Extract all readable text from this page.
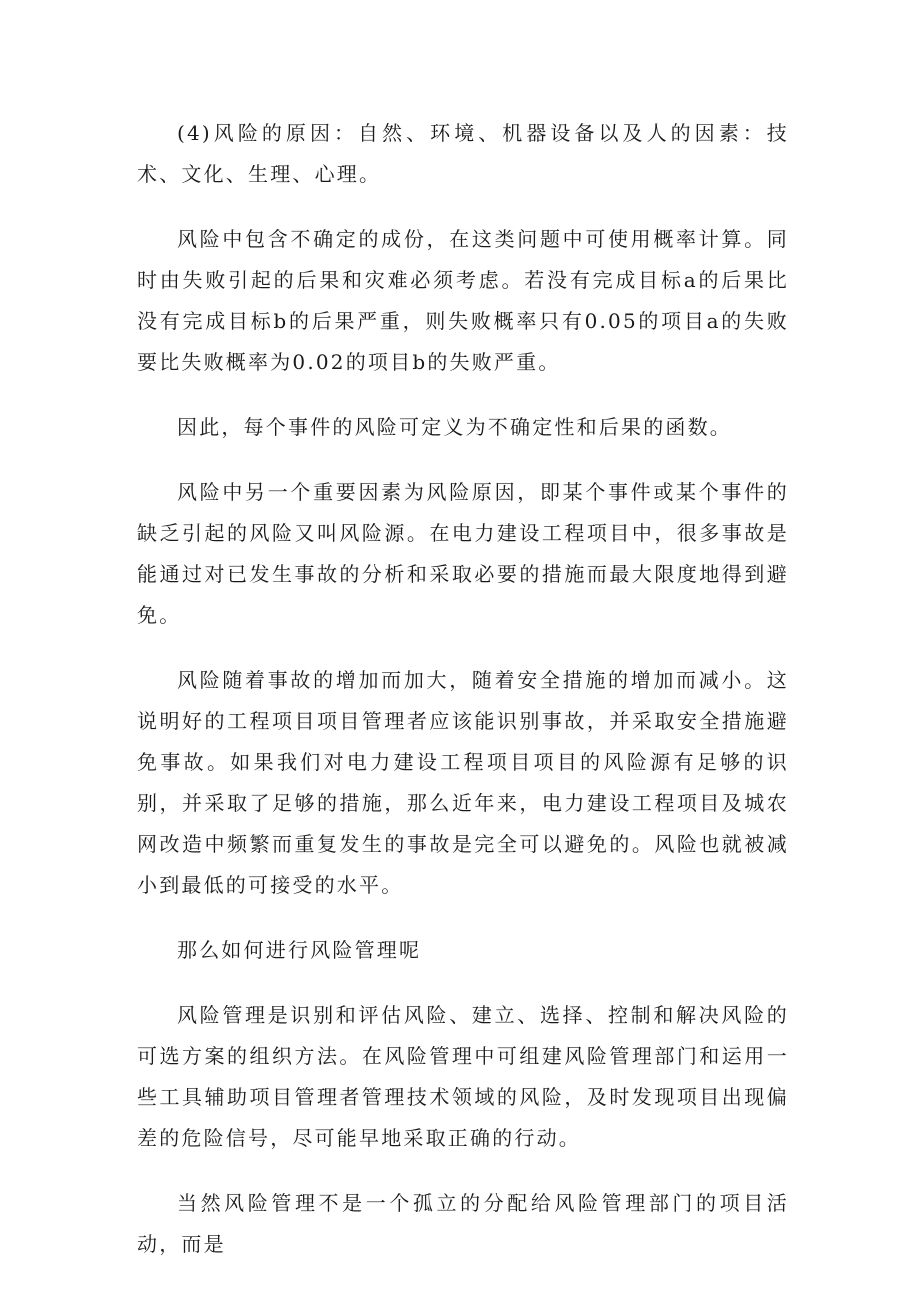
(4)风险的原因：自然、环境、机器设备以及人的因素：技术、文化、生理、心理。

风险中包含不确定的成份，在这类问题中可使用概率计算。同时由失败引起的后果和灾难必须考虑。若没有完成目标a的后果比没有完成目标b的后果严重，则失败概率只有0.05的项目a的失败要比失败概率为0.02的项目b的失败严重。

因此，每个事件的风险可定义为不确定性和后果的函数。

风险中另一个重要因素为风险原因，即某个事件或某个事件的缺乏引起的风险又叫风险源。在电力建设工程项目中，很多事故是能通过对已发生事故的分析和采取必要的措施而最大限度地得到避免。

风险随着事故的增加而加大，随着安全措施的增加而减小。这说明好的工程项目项目管理者应该能识别事故，并采取安全措施避免事故。如果我们对电力建设工程项目项目的风险源有足够的识别，并采取了足够的措施，那么近年来，电力建设工程项目及城农网改造中频繁而重复发生的事故是完全可以避免的。风险也就被减小到最低的可接受的水平。

那么如何进行风险管理呢

风险管理是识别和评估风险、建立、选择、控制和解决风险的可选方案的组织方法。在风险管理中可组建风险管理部门和运用一些工具辅助项目管理者管理技术领域的风险，及时发现项目出现偏差的危险信号，尽可能早地采取正确的行动。

当然风险管理不是一个孤立的分配给风险管理部门的项目活动，而是
